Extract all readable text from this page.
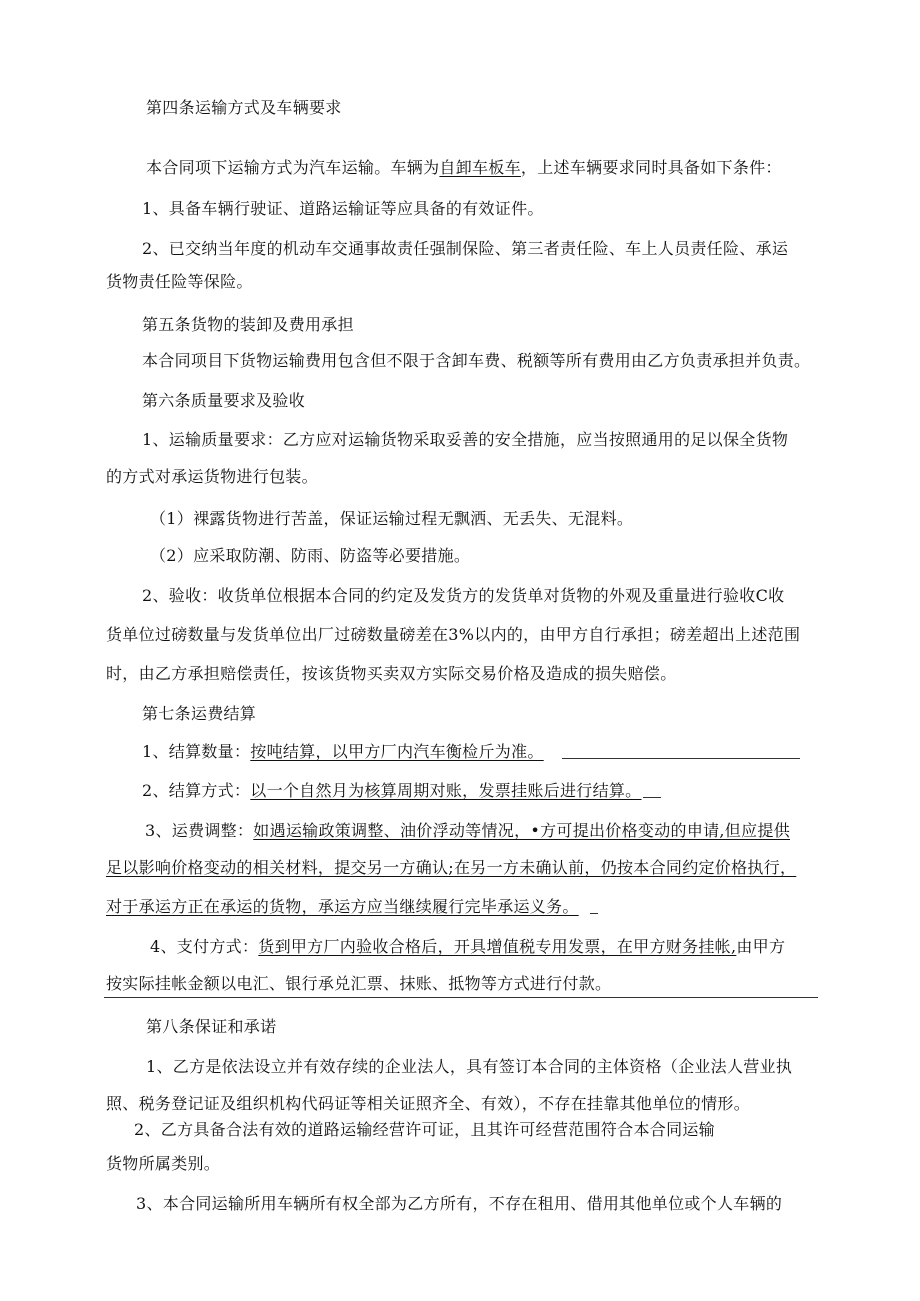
第四条运输方式及车辆要求
本合同项下运输方式为汽车运输。车辆为自卸车板车，上述车辆要求同时具备如下条件：
1、具备车辆行驶证、道路运输证等应具备的有效证件。
2、已交纳当年度的机动车交通事故责任强制保险、第三者责任险、车上人员责任险、承运
货物责任险等保险。
第五条货物的装卸及费用承担
本合同项目下货物运输费用包含但不限于含卸车费、税额等所有费用由乙方负责承担并负责。
第六条质量要求及验收
1、运输质量要求：乙方应对运输货物采取妥善的安全措施，应当按照通用的足以保全货物
的方式对承运货物进行包装。
（1）裸露货物进行苦盖，保证运输过程无飘洒、无丢失、无混料。
（2）应采取防潮、防雨、防盗等必要措施。
2、验收：收货单位根据本合同的约定及发货方的发货单对货物的外观及重量进行验收C收
货单位过磅数量与发货单位出厂过磅数量磅差在3%以内的，由甲方自行承担；磅差超出上述范围
时，由乙方承担赔偿责任，按该货物买卖双方实际交易价格及造成的损失赔偿。
第七条运费结算
1、结算数量：按吨结算，以甲方厂内汽车衡检斤为准。
2、结算方式：以一个自然月为核算周期对账，发票挂账后进行结算。
3、运费调整：如遇运输政策调整、油价浮动等情况，•方可提出价格变动的申请,但应提供
足以影响价格变动的相关材料，提交另一方确认;在另一方未确认前，仍按本合同约定价格执行，
对于承运方正在承运的货物，承运方应当继续履行完毕承运义务。
4、支付方式：货到甲方厂内验收合格后，开具增值税专用发票，在甲方财务挂帐,由甲方
按实际挂帐金额以电汇、银行承兑汇票、抹账、抵物等方式进行付款。
第八条保证和承诺
1、乙方是依法设立并有效存续的企业法人，具有签订本合同的主体资格（企业法人营业执
照、税务登记证及组织机构代码证等相关证照齐全、有效），不存在挂靠其他单位的情形。
2、乙方具备合法有效的道路运输经营许可证，且其许可经营范围符合本合同运输
货物所属类别。
3、本合同运输所用车辆所有权全部为乙方所有，不存在租用、借用其他单位或个人车辆的
